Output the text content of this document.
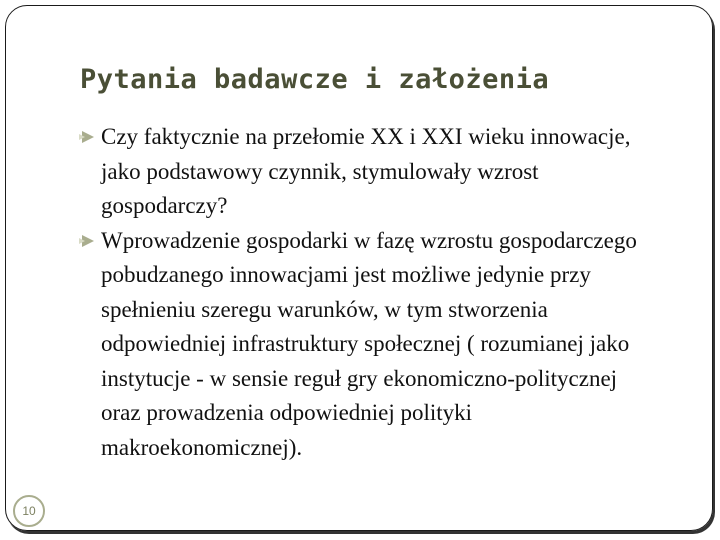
Pytania badawcze i założenia
Czy faktycznie na przełomie XX i XXI wieku innowacje, jako podstawowy czynnik, stymulowały wzrost gospodarczy?
Wprowadzenie gospodarki w fazę wzrostu gospodarczego pobudzanego innowacjami jest możliwe jedynie przy spełnieniu szeregu warunków, w tym stworzenia odpowiedniej infrastruktury społecznej ( rozumianej jako instytucje - w sensie reguł gry ekonomiczno-politycznej oraz prowadzenia odpowiedniej polityki makroekonomicznej).
10
